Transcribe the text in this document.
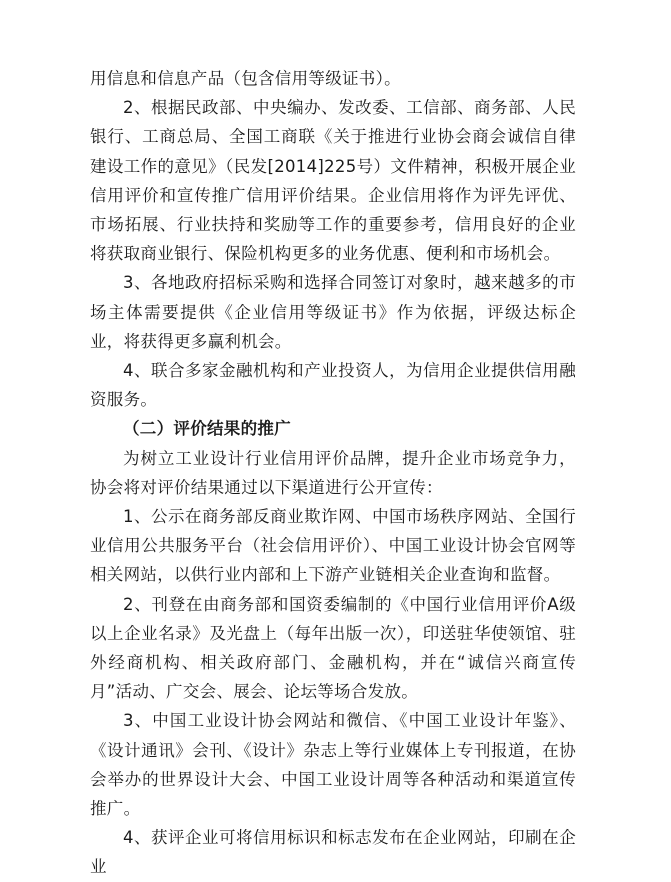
用信息和信息产品（包含信用等级证书）。

2、根据民政部、中央编办、发改委、工信部、商务部、人民银行、工商总局、全国工商联《关于推进行业协会商会诚信自律建设工作的意见》（民发[2014]225号）文件精神，积极开展企业信用评价和宣传推广信用评价结果。企业信用将作为评先评优、市场拓展、行业扶持和奖励等工作的重要参考，信用良好的企业将获取商业银行、保险机构更多的业务优惠、便利和市场机会。

3、各地政府招标采购和选择合同签订对象时，越来越多的市场主体需要提供《企业信用等级证书》作为依据，评级达标企业，将获得更多赢利机会。

4、联合多家金融机构和产业投资人，为信用企业提供信用融资服务。

（二）评价结果的推广

为树立工业设计行业信用评价品牌，提升企业市场竞争力，协会将对评价结果通过以下渠道进行公开宣传：

1、公示在商务部反商业欺诈网、中国市场秩序网站、全国行业信用公共服务平台（社会信用评价）、中国工业设计协会官网等相关网站，以供行业内部和上下游产业链相关企业查询和监督。

2、刊登在由商务部和国资委编制的《中国行业信用评价A级以上企业名录》及光盘上（每年出版一次），印送驻华使领馆、驻外经商机构、相关政府部门、金融机构，并在“诚信兴商宣传月”活动、广交会、展会、论坛等场合发放。

3、中国工业设计协会网站和微信、《中国工业设计年鉴》、《设计通讯》会刊、《设计》杂志上等行业媒体上专刊报道，在协会举办的世界设计大会、中国工业设计周等各种活动和渠道宣传推广。

4、获评企业可将信用标识和标志发布在企业网站，印刷在企业
